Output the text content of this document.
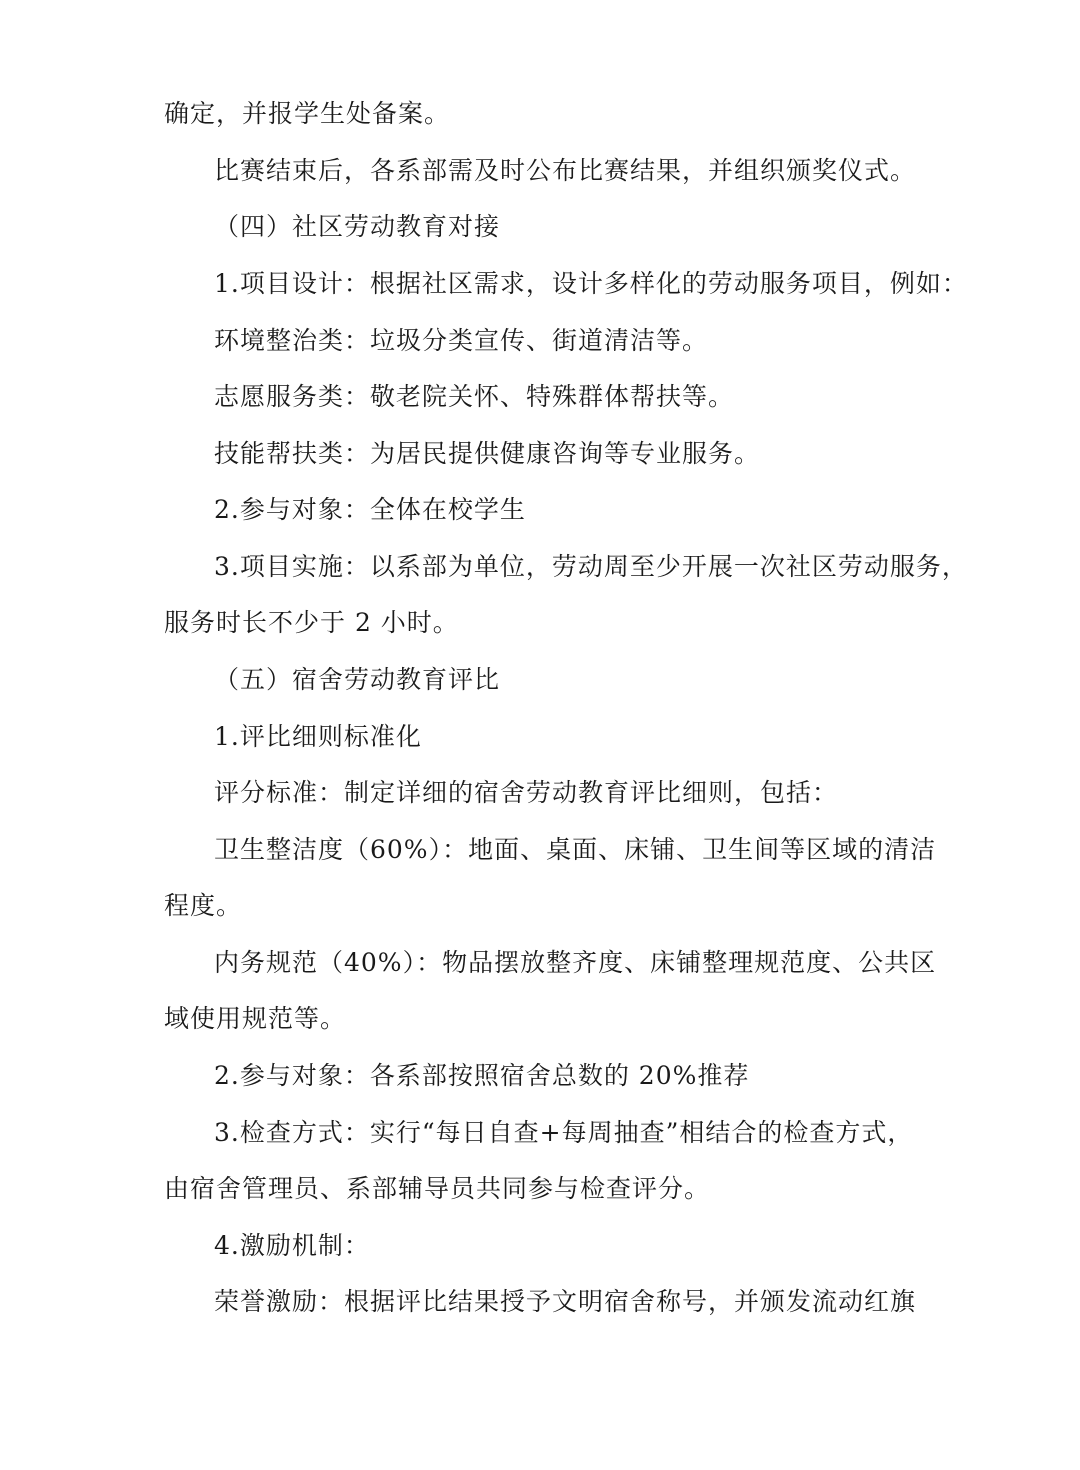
确定，并报学生处备案。
比赛结束后，各系部需及时公布比赛结果，并组织颁奖仪式。
（四）社区劳动教育对接
1.项目设计：根据社区需求，设计多样化的劳动服务项目，例如：
环境整治类：垃圾分类宣传、街道清洁等。
志愿服务类：敬老院关怀、特殊群体帮扶等。
技能帮扶类：为居民提供健康咨询等专业服务。
2.参与对象：全体在校学生
3.项目实施：以系部为单位，劳动周至少开展一次社区劳动服务，
服务时长不少于 2 小时。
（五）宿舍劳动教育评比
1.评比细则标准化
评分标准：制定详细的宿舍劳动教育评比细则，包括：
卫生整洁度（60%）：地面、桌面、床铺、卫生间等区域的清洁
程度。
内务规范（40%）：物品摆放整齐度、床铺整理规范度、公共区
域使用规范等。
2.参与对象：各系部按照宿舍总数的 20%推荐
3.检查方式：实行“每日自查+每周抽查”相结合的检查方式，
由宿舍管理员、系部辅导员共同参与检查评分。
4.激励机制：
荣誉激励：根据评比结果授予文明宿舍称号，并颁发流动红旗
